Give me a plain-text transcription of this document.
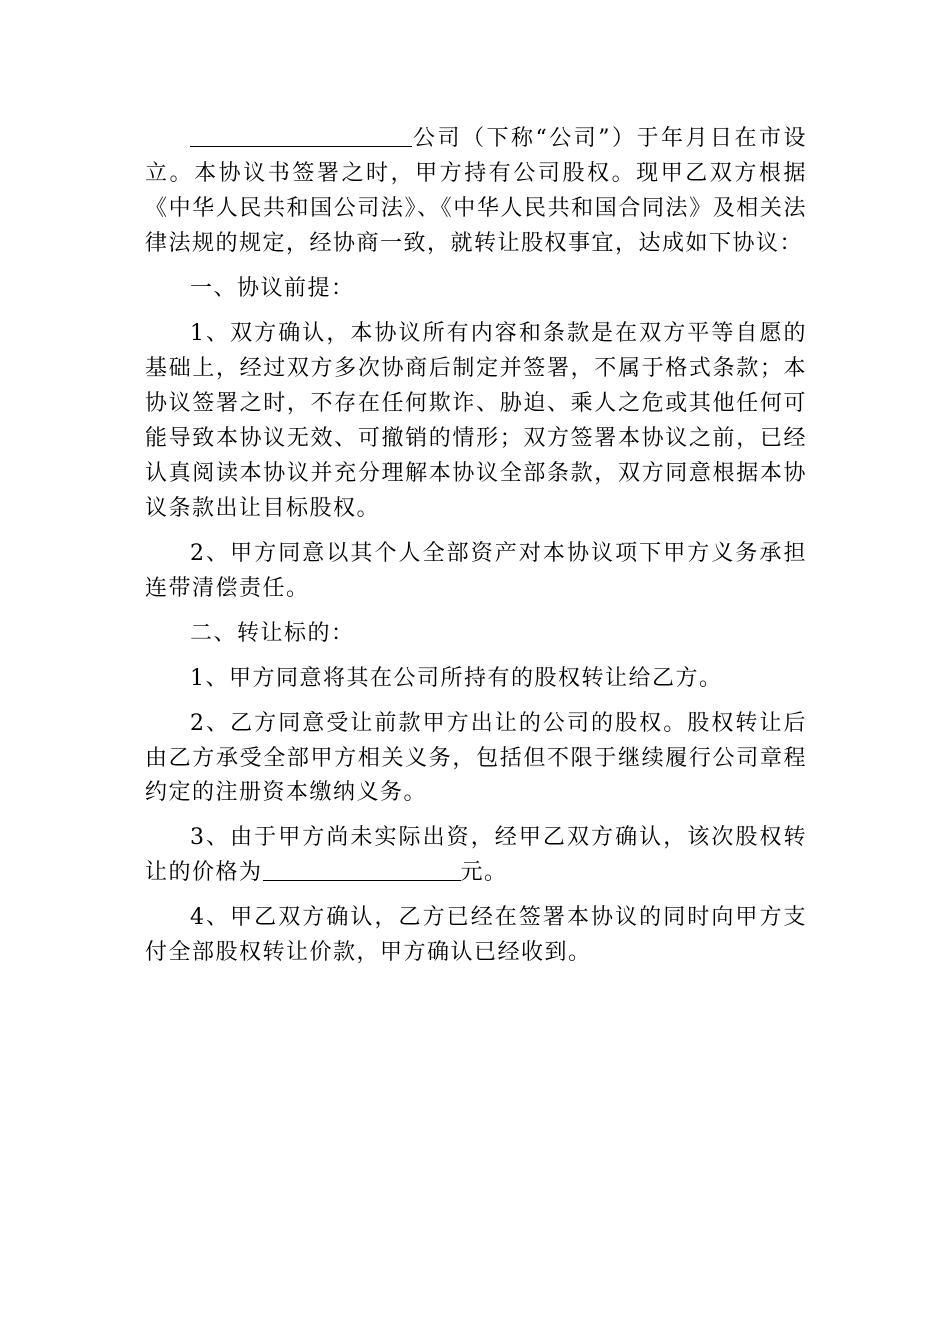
公司（下称“公司”）于年月日在市设立。本协议书签署之时，甲方持有公司股权。现甲乙双方根据《中华人民共和国公司法》、《中华人民共和国合同法》及相关法律法规的规定，经协商一致，就转让股权事宜，达成如下协议：

一、协议前提：

1、双方确认，本协议所有内容和条款是在双方平等自愿的基础上，经过双方多次协商后制定并签署，不属于格式条款；本协议签署之时，不存在任何欺诈、胁迫、乘人之危或其他任何可能导致本协议无效、可撤销的情形；双方签署本协议之前，已经认真阅读本协议并充分理解本协议全部条款，双方同意根据本协议条款出让目标股权。

2、甲方同意以其个人全部资产对本协议项下甲方义务承担连带清偿责任。

二、转让标的：

1、甲方同意将其在公司所持有的股权转让给乙方。

2、乙方同意受让前款甲方出让的公司的股权。股权转让后由乙方承受全部甲方相关义务，包括但不限于继续履行公司章程约定的注册资本缴纳义务。

3、由于甲方尚未实际出资，经甲乙双方确认，该次股权转让的价格为	元。

4、甲乙双方确认，乙方已经在签署本协议的同时向甲方支付全部股权转让价款，甲方确认已经收到。
